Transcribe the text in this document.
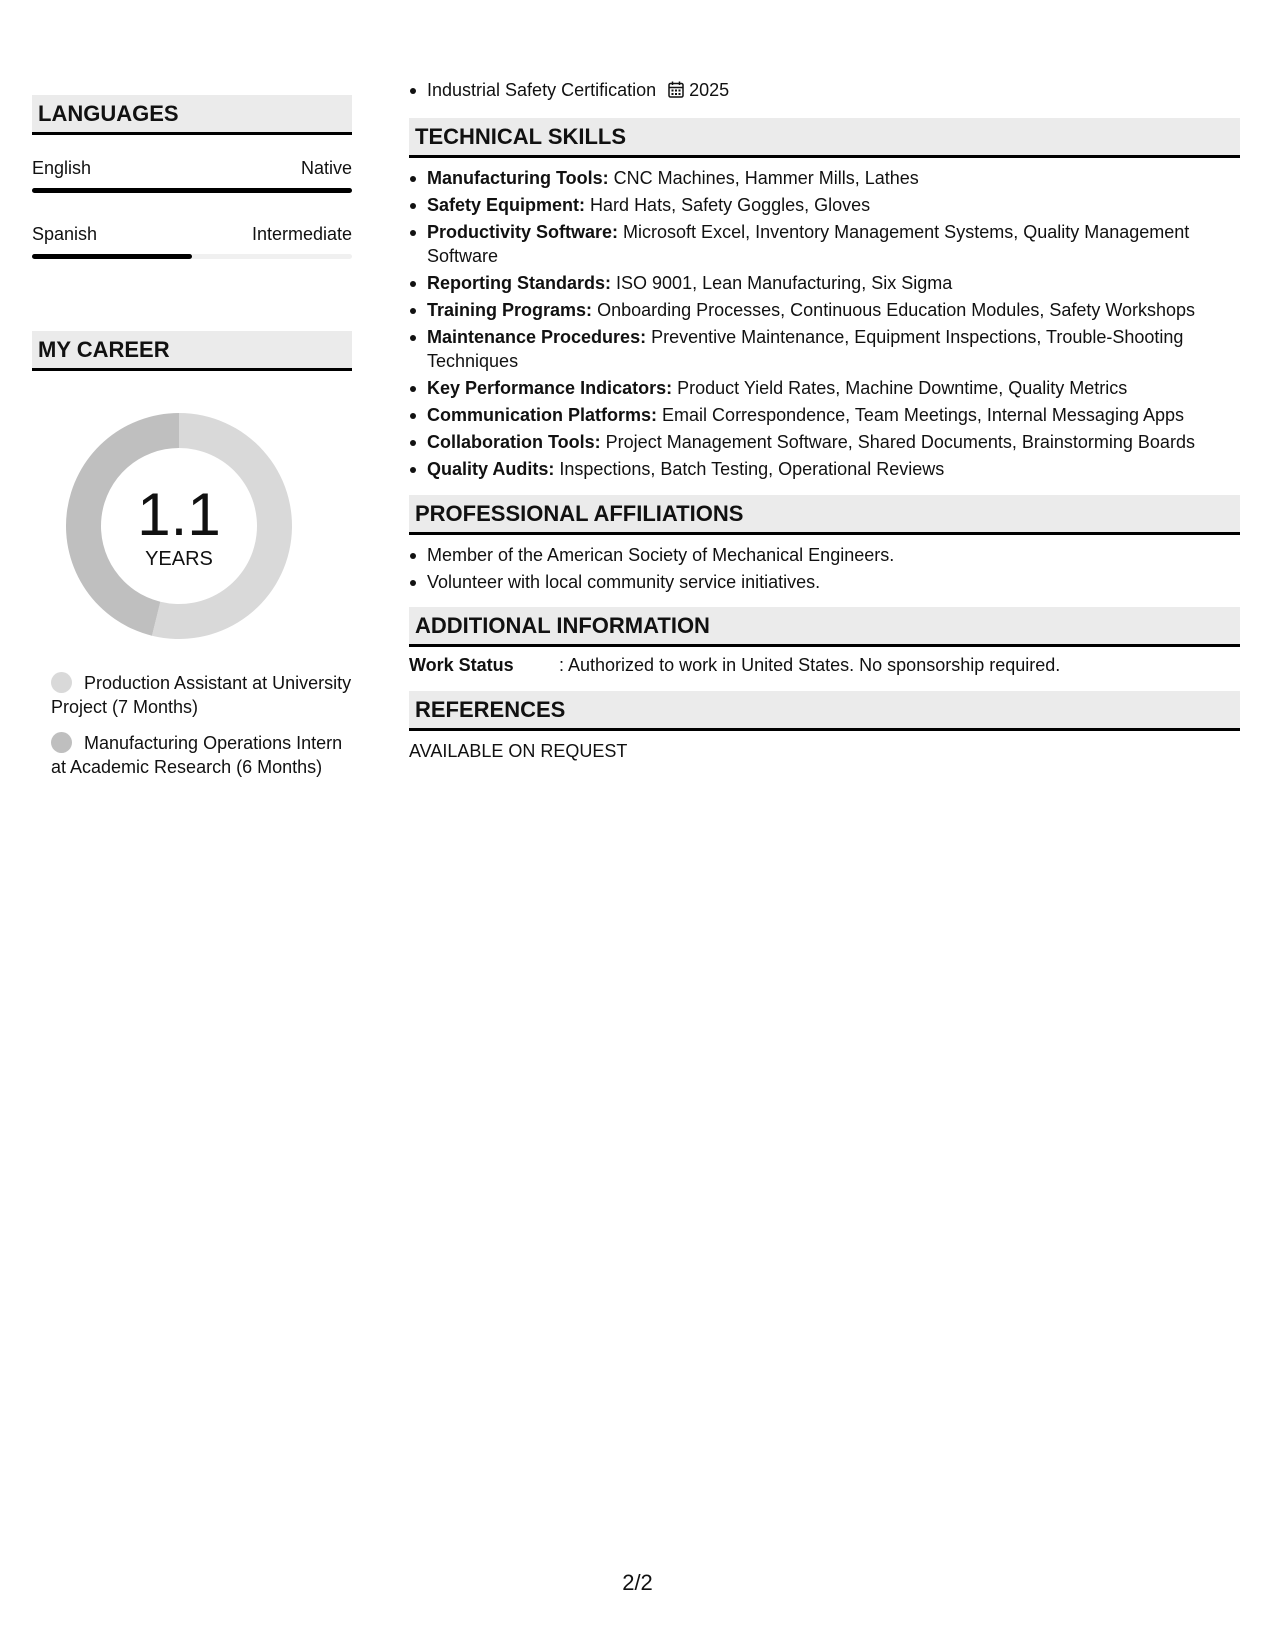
LANGUAGES
English	Native
Spanish	Intermediate
MY CAREER
1.1
YEARS
Production Assistant at University Project (7 Months)
Manufacturing Operations Intern at Academic Research (6 Months)
Industrial Safety Certification 2025
TECHNICAL SKILLS
Manufacturing Tools: CNC Machines, Hammer Mills, Lathes
Safety Equipment: Hard Hats, Safety Goggles, Gloves
Productivity Software: Microsoft Excel, Inventory Management Systems, Quality Management Software
Reporting Standards: ISO 9001, Lean Manufacturing, Six Sigma
Training Programs: Onboarding Processes, Continuous Education Modules, Safety Workshops
Maintenance Procedures: Preventive Maintenance, Equipment Inspections, Trouble-Shooting Techniques
Key Performance Indicators: Product Yield Rates, Machine Downtime, Quality Metrics
Communication Platforms: Email Correspondence, Team Meetings, Internal Messaging Apps
Collaboration Tools: Project Management Software, Shared Documents, Brainstorming Boards
Quality Audits: Inspections, Batch Testing, Operational Reviews
PROFESSIONAL AFFILIATIONS
Member of the American Society of Mechanical Engineers.
Volunteer with local community service initiatives.
ADDITIONAL INFORMATION
Work Status	: Authorized to work in United States. No sponsorship required.
REFERENCES
AVAILABLE ON REQUEST
2/2
